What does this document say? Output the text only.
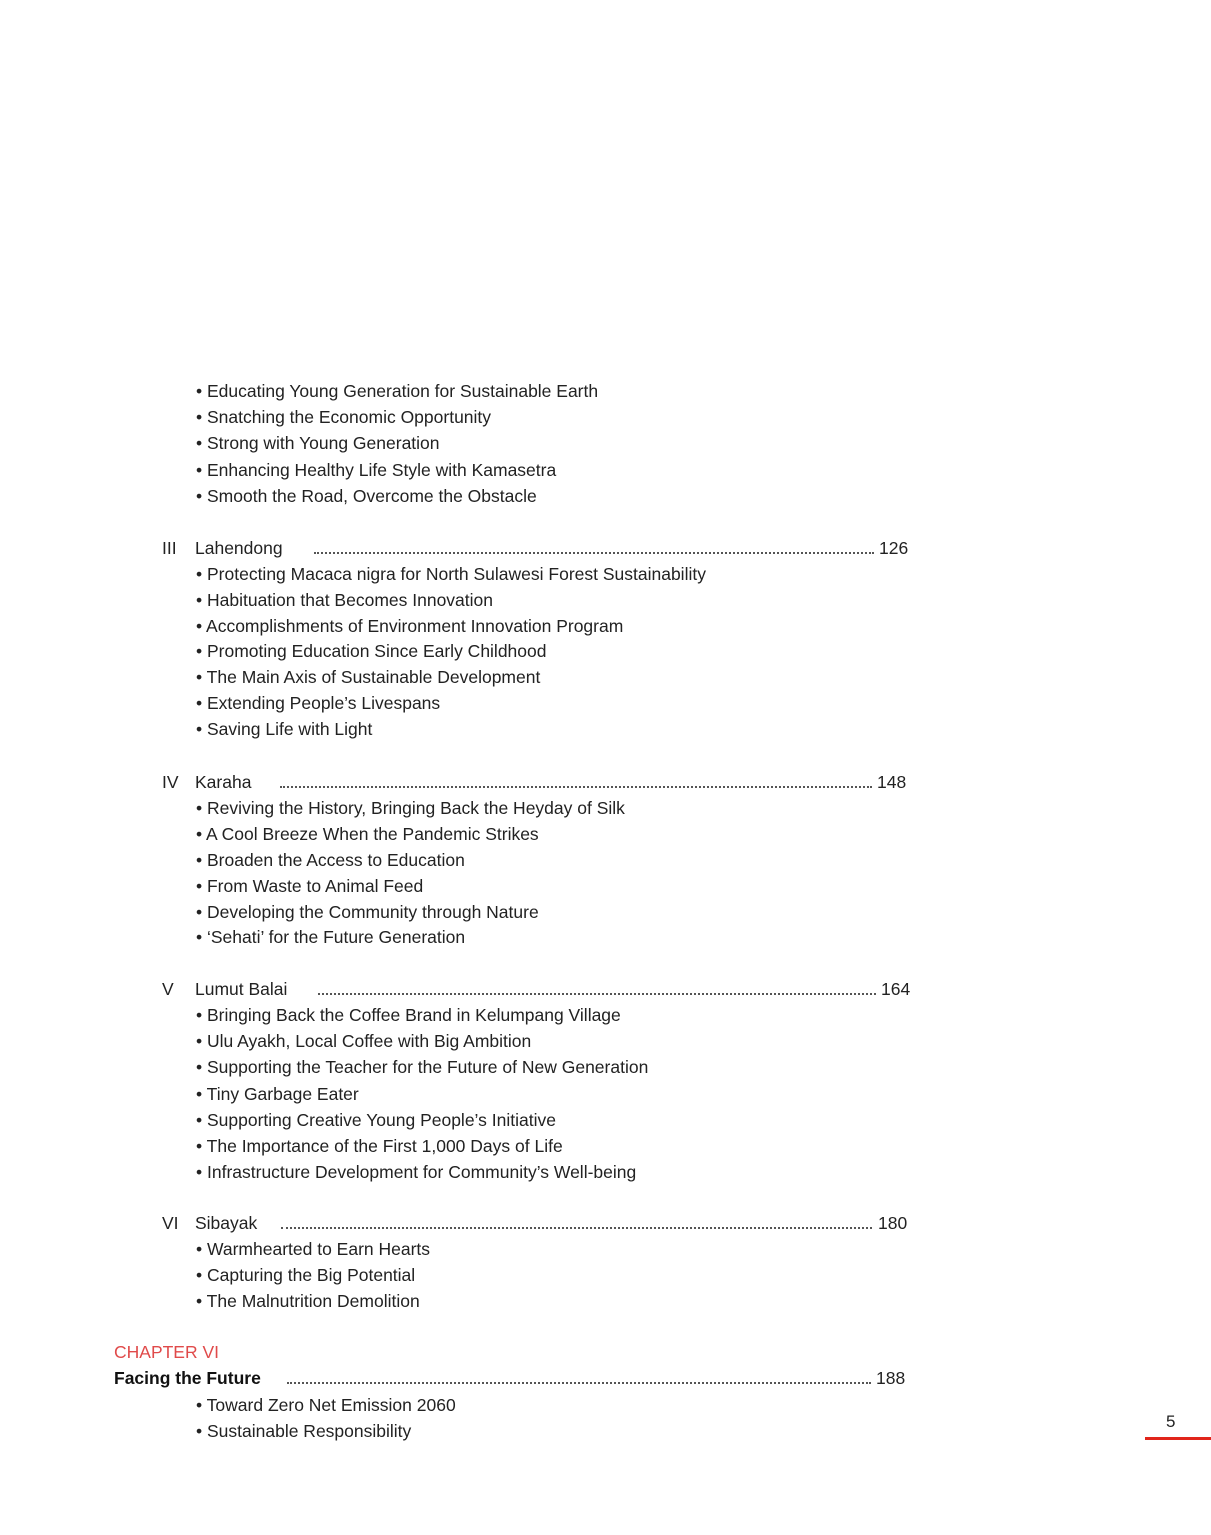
• Educating Young Generation for Sustainable Earth
• Snatching the Economic Opportunity
• Strong with Young Generation
• Enhancing Healthy Life Style with Kamasetra
• Smooth the Road, Overcome the Obstacle
III Lahendong	126
• Protecting Macaca nigra for North Sulawesi Forest Sustainability
• Habituation that Becomes Innovation
• Accomplishments of Environment Innovation Program
• Promoting Education Since Early Childhood
• The Main Axis of Sustainable Development
• Extending People’s Livespans
• Saving Life with Light
IV Karaha	148
• Reviving the History, Bringing Back the Heyday of Silk
• A Cool Breeze When the Pandemic Strikes
• Broaden the Access to Education
• From Waste to Animal Feed
• Developing the Community through Nature
• ‘Sehati’ for the Future Generation
V Lumut Balai	164
• Bringing Back the Coffee Brand in Kelumpang Village
• Ulu Ayakh, Local Coffee with Big Ambition
• Supporting the Teacher for the Future of New Generation
• Tiny Garbage Eater
• Supporting Creative Young People’s Initiative
• The Importance of the First 1,000 Days of Life
• Infrastructure Development for Community’s Well-being
VI Sibayak	180
• Warmhearted to Earn Hearts
• Capturing the Big Potential
• The Malnutrition Demolition
CHAPTER VI
Facing the Future	188
• Toward Zero Net Emission 2060
• Sustainable Responsibility	5
